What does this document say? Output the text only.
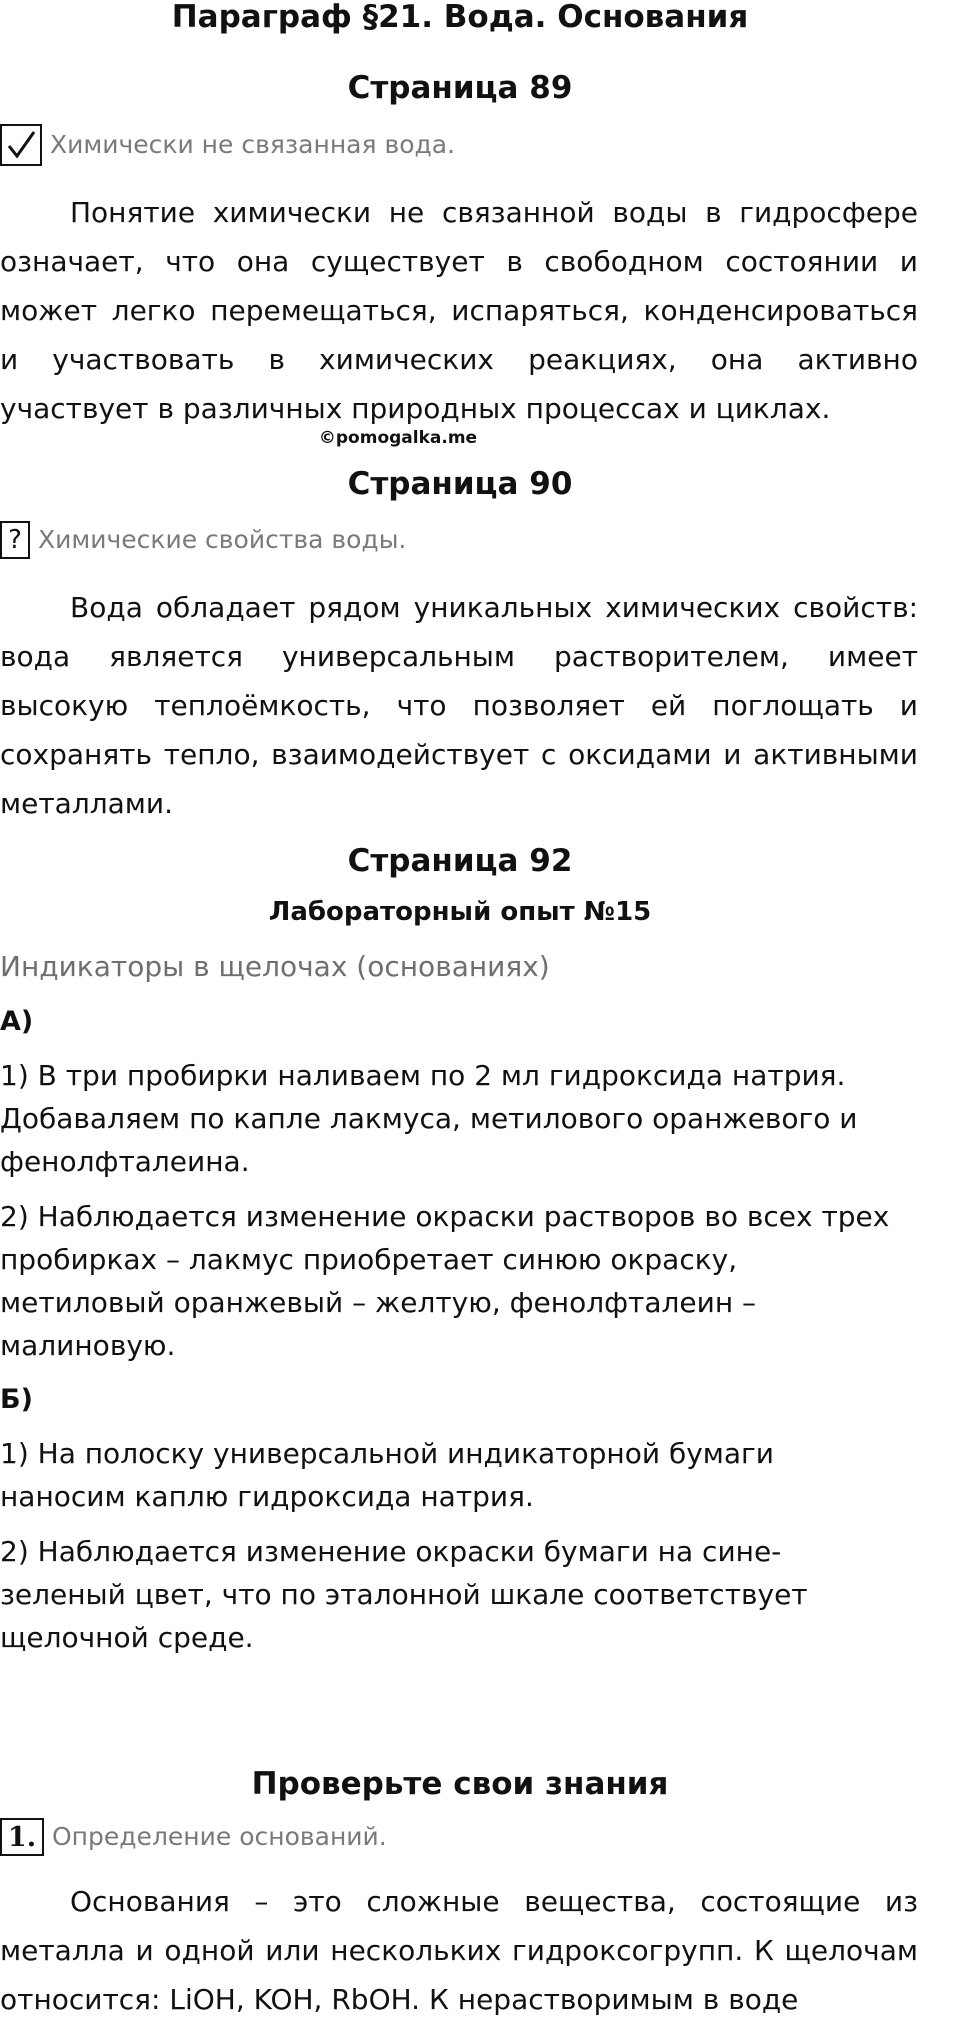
Параграф §21. Вода. Основания
Страница 89
Химически не связанная вода.

Понятие химически не связанной воды в гидросфере означает, что она существует в свободном состоянии и может легко перемещаться, испаряться, конденсироваться и участвовать в химических реакциях, она активно участвует в различных природных процессах и циклах.

©pomogalka.me
Страница 90
? Химические свойства воды.

Вода обладает рядом уникальных химических свойств: вода является универсальным растворителем, имеет высокую теплоёмкость, что позволяет ей поглощать и сохранять тепло, взаимодействует с оксидами и активными металлами.

Страница 92
Лабораторный опыт №15
Индикаторы в щелочах (основаниях)
А)

1) В три пробирки наливаем по 2 мл гидроксида натрия. Добаваляем по капле лакмуса, метилового оранжевого и фенолфталеина.

2) Наблюдается изменение окраски растворов во всех трех пробирках – лакмус приобретает синюю окраску, метиловый оранжевый – желтую, фенолфталеин – малиновую.

Б)

1) На полоску универсальной индикаторной бумаги наносим каплю гидроксида натрия.

2) Наблюдается изменение окраски бумаги на сине-зеленый цвет, что по эталонной шкале соответствует щелочной среде.

Проверьте свои знания
1. Определение оснований.

Основания – это сложные вещества, состоящие из металла и одной или нескольких гидроксогрупп. К щелочам относится: LiOH, KOH, RbOH. К нерастворимым в воде
